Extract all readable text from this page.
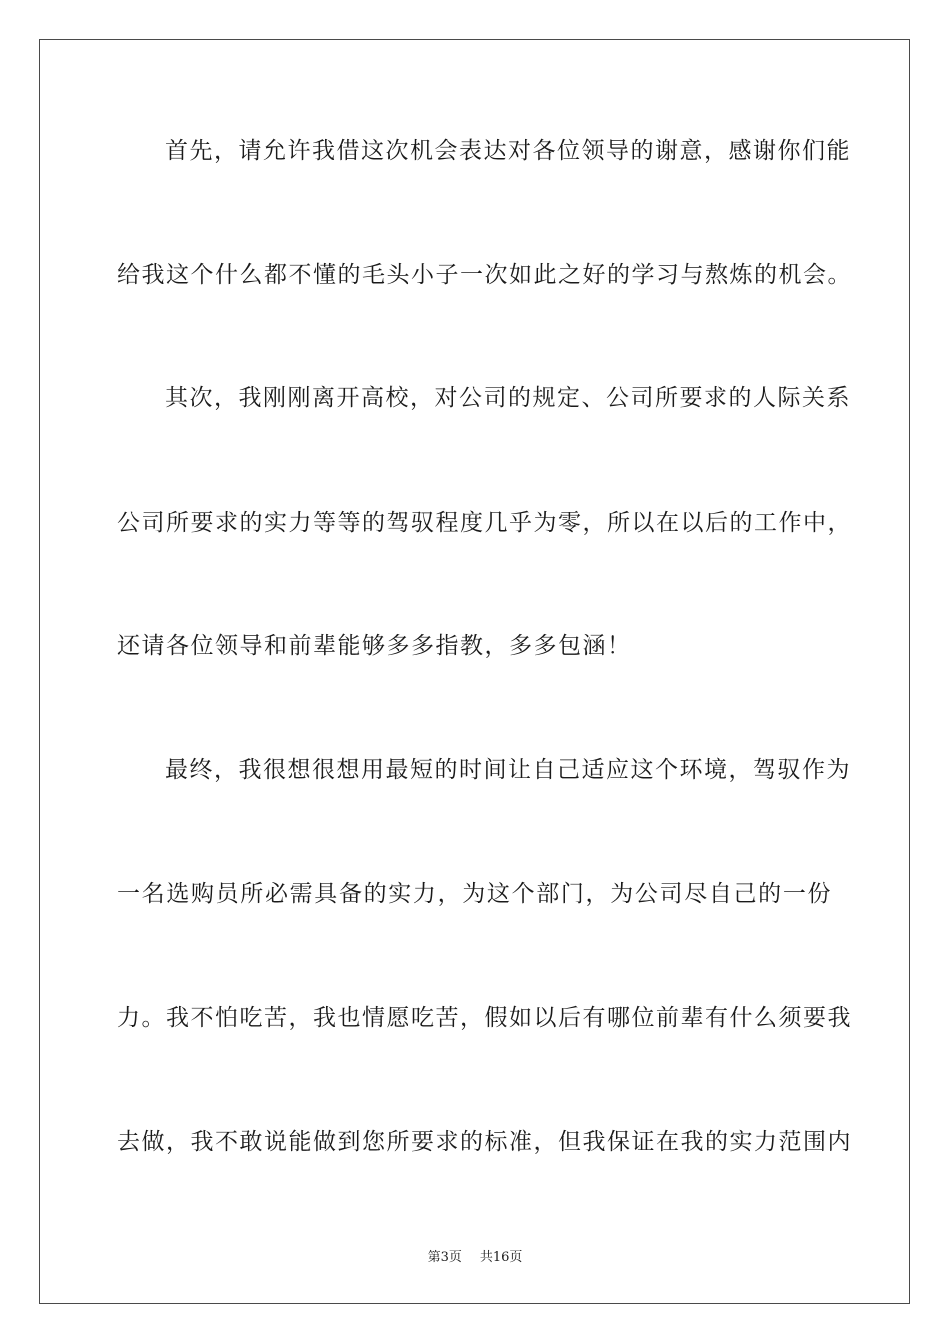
首先，请允许我借这次机会表达对各位领导的谢意，感谢你们能
给我这个什么都不懂的毛头小子一次如此之好的学习与熬炼的机会。
其次，我刚刚离开高校，对公司的规定、公司所要求的人际关系
公司所要求的实力等等的驾驭程度几乎为零，所以在以后的工作中，
还请各位领导和前辈能够多多指教，多多包涵！
最终，我很想很想用最短的时间让自己适应这个环境，驾驭作为
一名选购员所必需具备的实力，为这个部门，为公司尽自己的一份
力。我不怕吃苦，我也情愿吃苦，假如以后有哪位前辈有什么须要我
去做，我不敢说能做到您所要求的标准，但我保证在我的实力范围内
第3页 共16页
